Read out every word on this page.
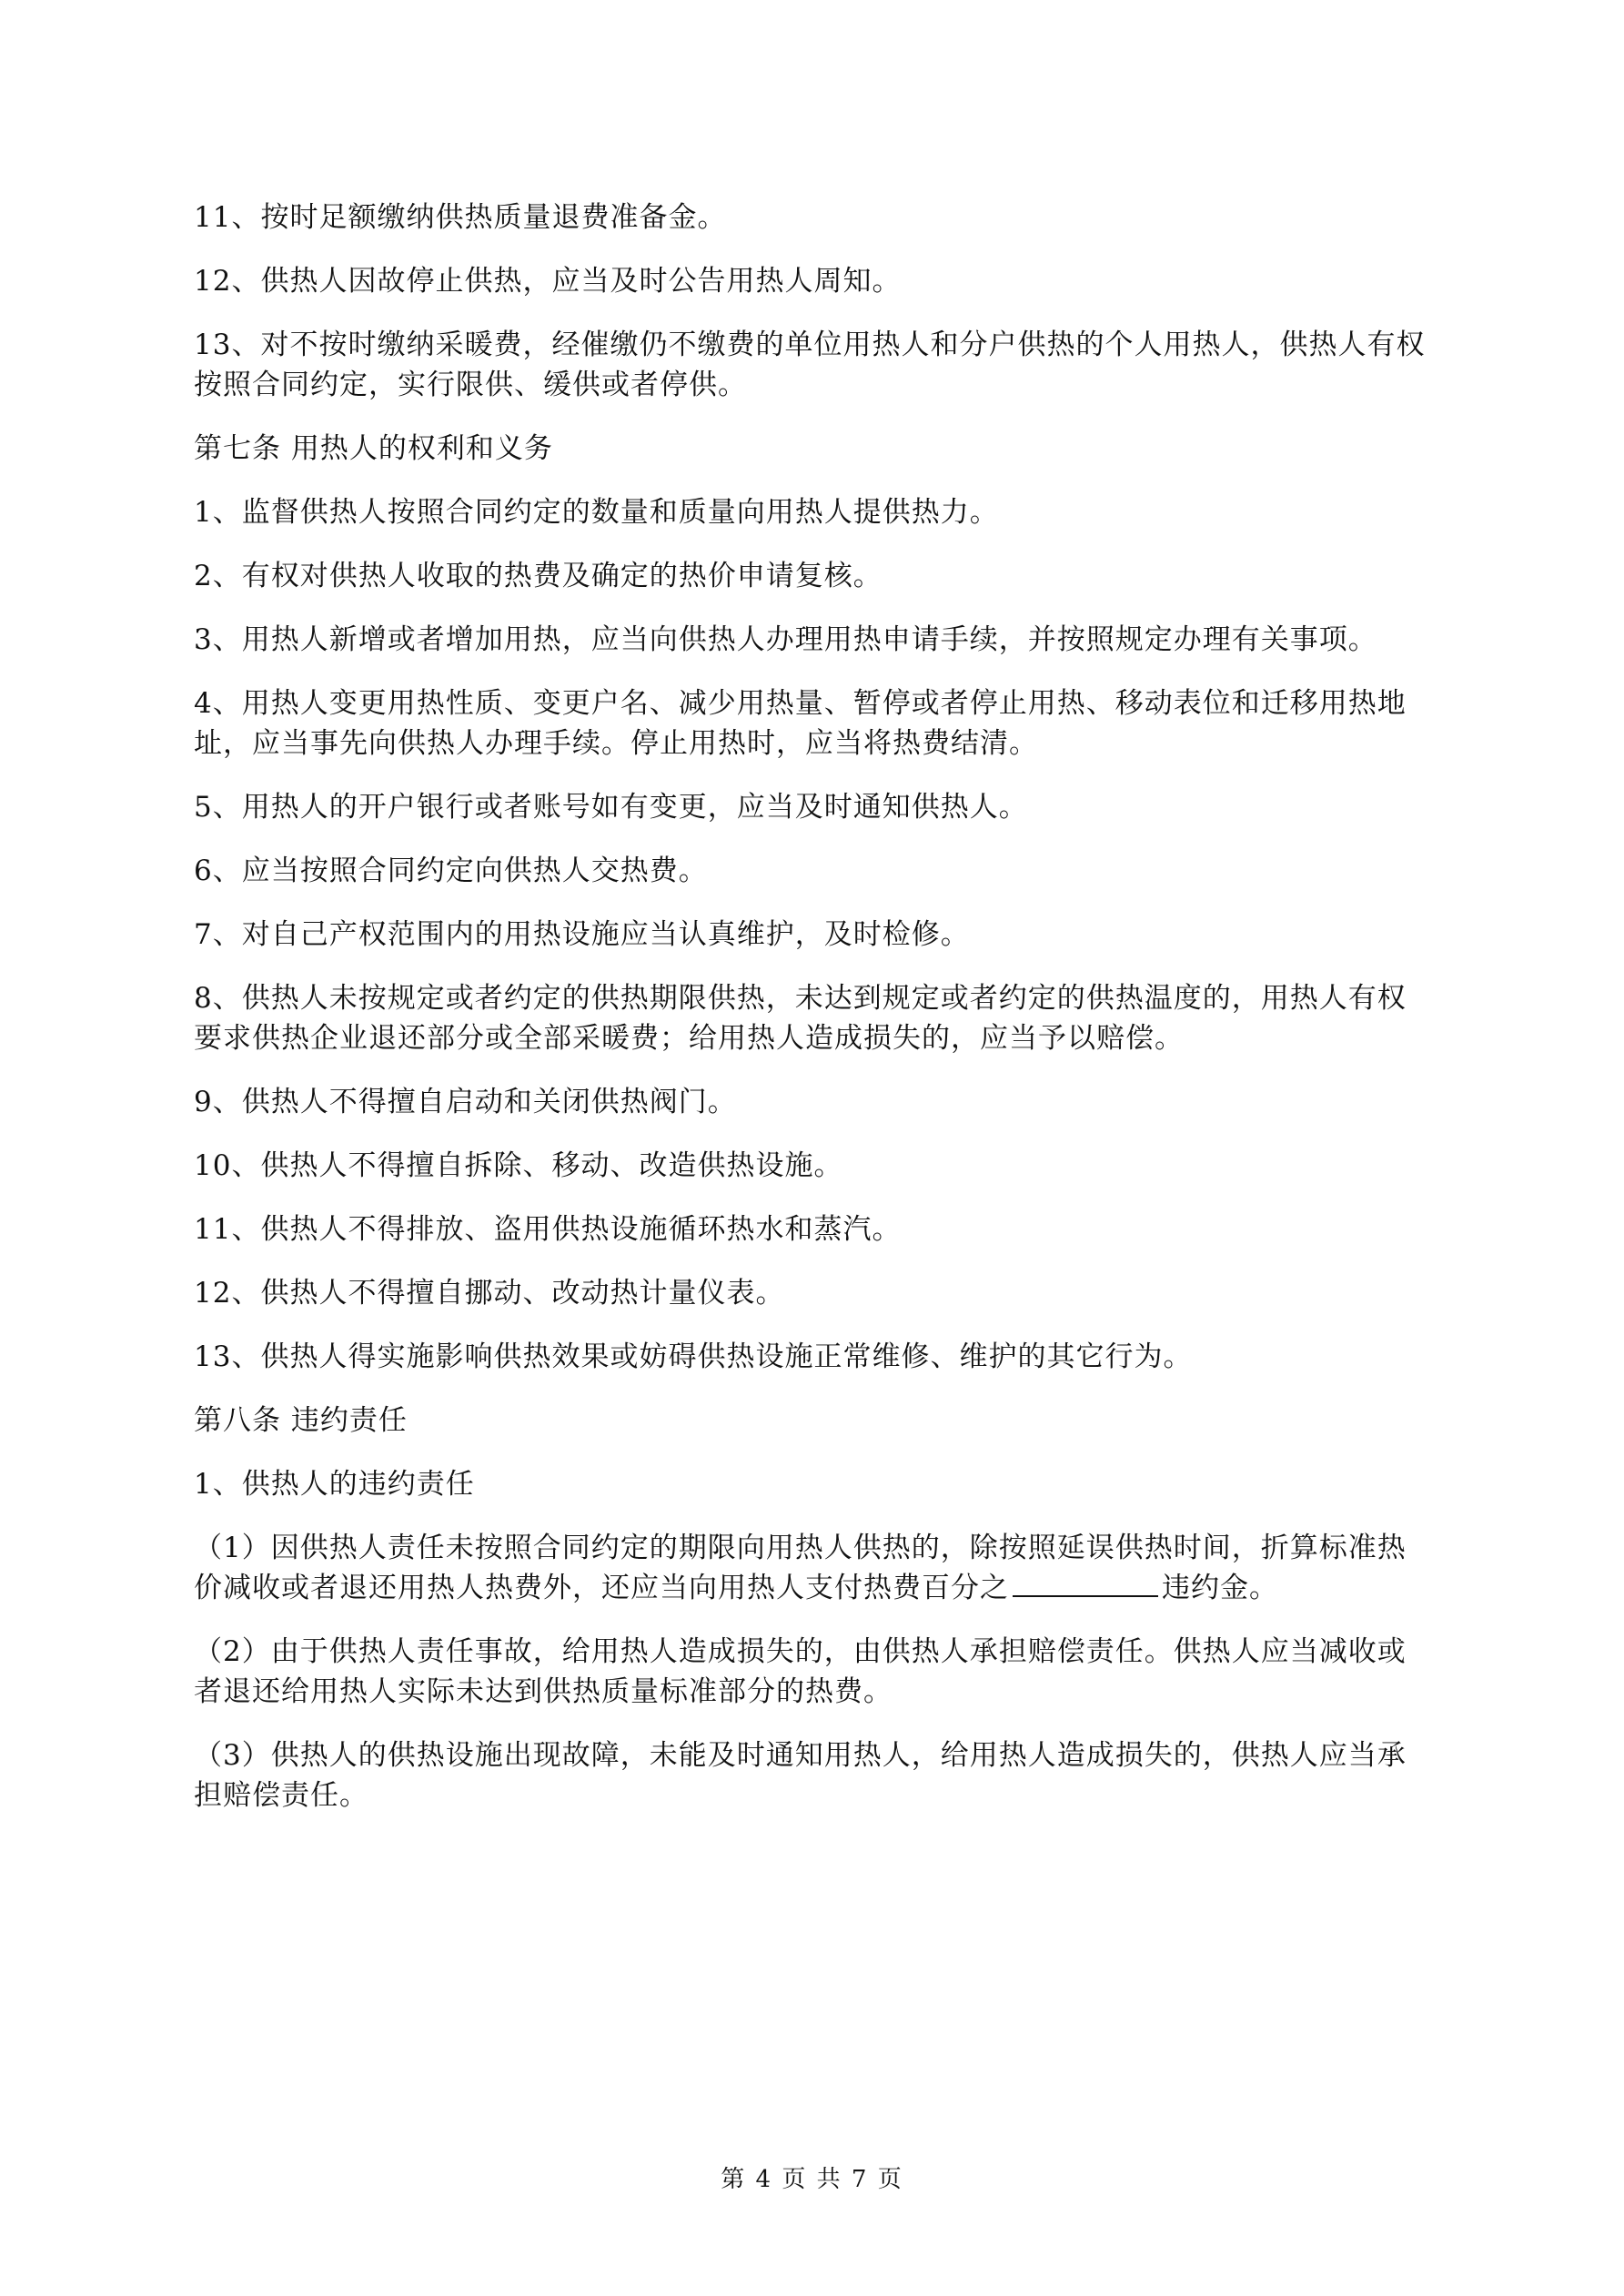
11、按时足额缴纳供热质量退费准备金。

12、供热人因故停止供热，应当及时公告用热人周知。

13、对不按时缴纳采暖费，经催缴仍不缴费的单位用热人和分户供热的个人用热人，供热人有权按照合同约定，实行限供、缓供或者停供。

第七条 用热人的权利和义务

1、监督供热人按照合同约定的数量和质量向用热人提供热力。

2、有权对供热人收取的热费及确定的热价申请复核。

3、用热人新增或者增加用热，应当向供热人办理用热申请手续，并按照规定办理有关事项。

4、用热人变更用热性质、变更户名、减少用热量、暂停或者停止用热、移动表位和迁移用热地址，应当事先向供热人办理手续。停止用热时，应当将热费结清。

5、用热人的开户银行或者账号如有变更，应当及时通知供热人。

6、应当按照合同约定向供热人交热费。

7、对自己产权范围内的用热设施应当认真维护，及时检修。

8、供热人未按规定或者约定的供热期限供热，未达到规定或者约定的供热温度的，用热人有权要求供热企业退还部分或全部采暖费；给用热人造成损失的，应当予以赔偿。

9、供热人不得擅自启动和关闭供热阀门。

10、供热人不得擅自拆除、移动、改造供热设施。

11、供热人不得排放、盗用供热设施循环热水和蒸汽。

12、供热人不得擅自挪动、改动热计量仪表。

13、供热人得实施影响供热效果或妨碍供热设施正常维修、维护的其它行为。

第八条 违约责任

1、供热人的违约责任

（1）因供热人责任未按照合同约定的期限向用热人供热的，除按照延误供热时间，折算标准热价减收或者退还用热人热费外，还应当向用热人支付热费百分之	违约金。

（2）由于供热人责任事故，给用热人造成损失的，由供热人承担赔偿责任。供热人应当减收或者退还给用热人实际未达到供热质量标准部分的热费。

（3）供热人的供热设施出现故障，未能及时通知用热人，给用热人造成损失的，供热人应当承担赔偿责任。

第 4 页 共 7 页
